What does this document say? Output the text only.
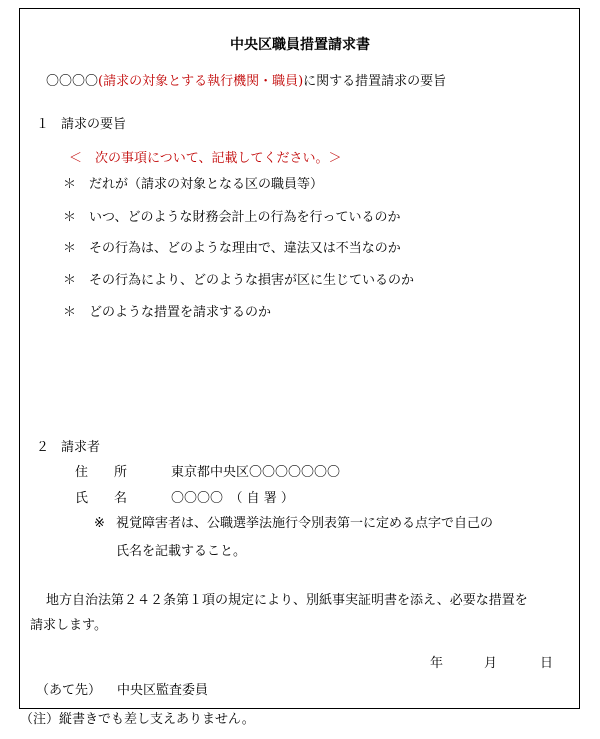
中央区職員措置請求書
〇〇〇〇(請求の対象とする執行機関・職員)に関する措置請求の要旨
１ 請求の要旨
＜　次の事項について、記載してください。＞
＊ だれが（請求の対象となる区の職員等）
＊ いつ、どのような財務会計上の行為を行っているのか
＊ その行為は、どのような理由で、違法又は不当なのか
＊ その行為により、どのような損害が区に生じているのか
＊ どのような措置を請求するのか
２ 請求者
住　　所	東京都中央区〇〇〇〇〇〇〇
氏　　名	〇〇〇〇　（ 自 署 ）
※ 視覚障害者は、公職選挙法施行令別表第一に定める点字で自己の
氏名を記載すること。
地方自治法第２４２条第１項の規定により、別紙事実証明書を添え、必要な措置を
請求します。
年	月	日
（あて先） 中央区監査委員
（注）縦書きでも差し支えありません。
